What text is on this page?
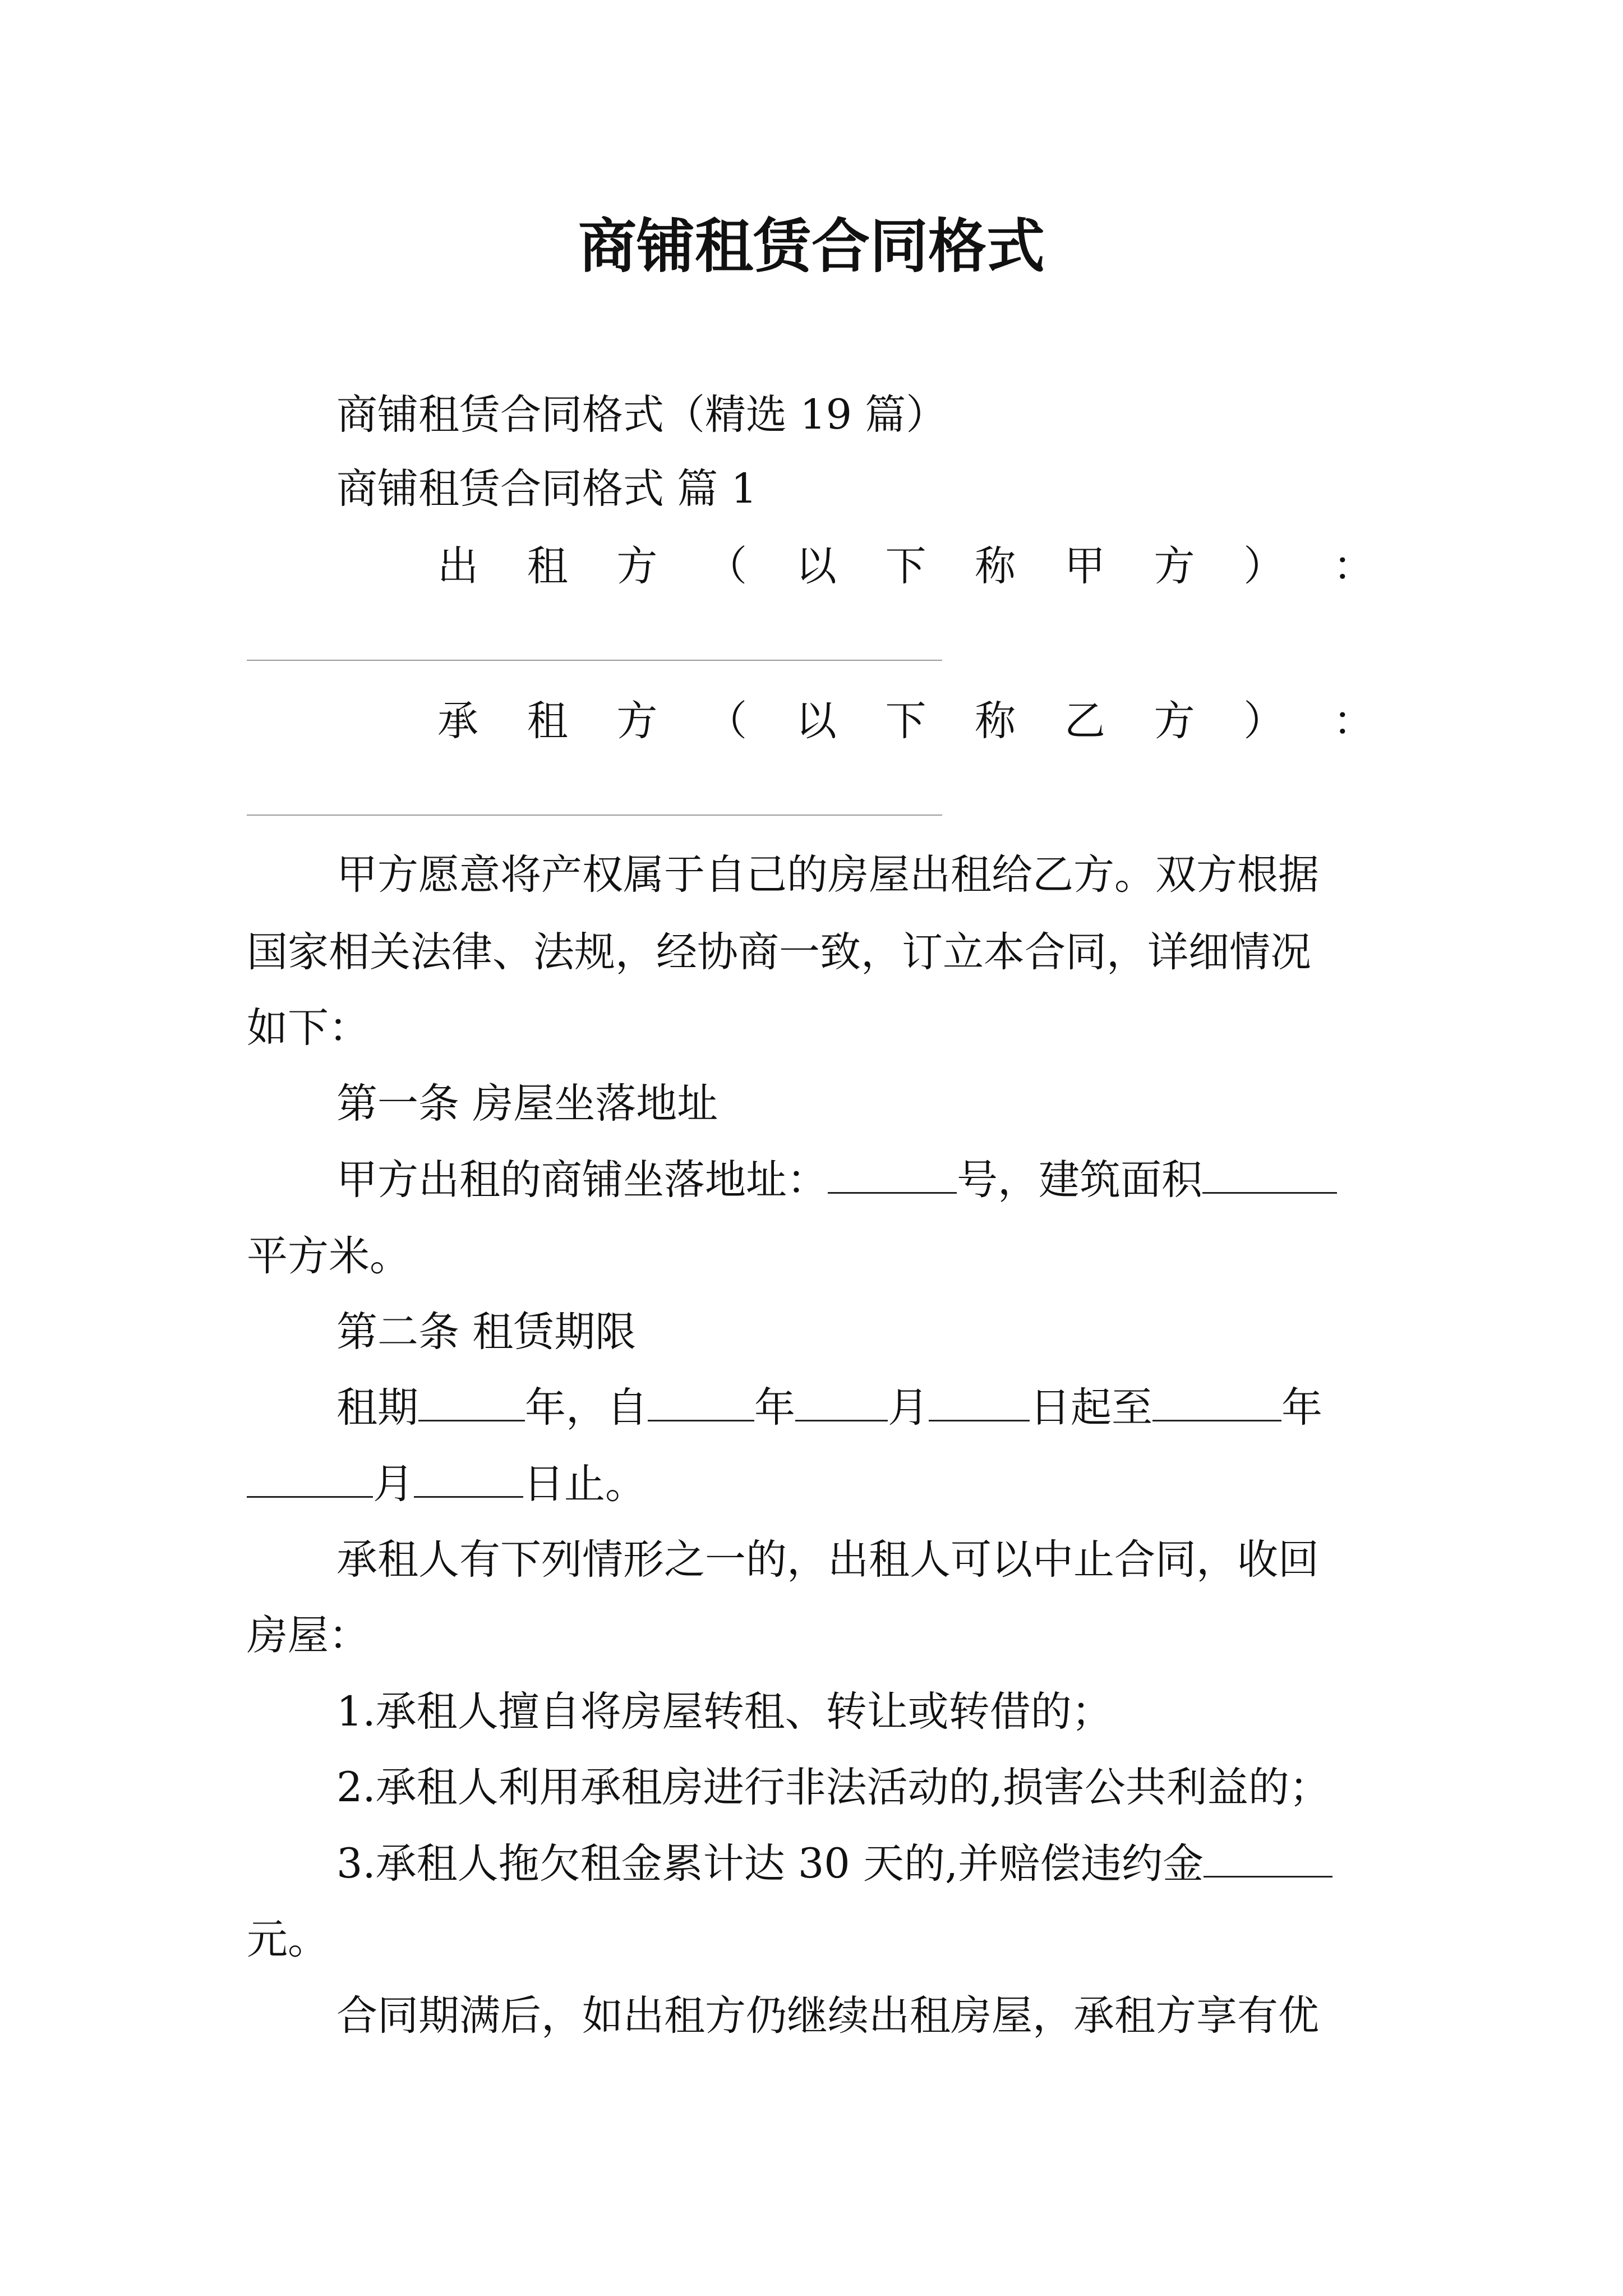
商铺租赁合同格式
商铺租赁合同格式（精选 19 篇）
商铺租赁合同格式 篇 1
出 租 方 （ 以 下 称 甲 方 ） ：
承 租 方 （ 以 下 称 乙 方 ） ：
甲方愿意将产权属于自己的房屋出租给乙方。双方根据
国家相关法律、法规，经协商一致，订立本合同，详细情况
如下：
第一条 房屋坐落地址
甲方出租的商铺坐落地址：	号，建筑面积
平方米。
第二条 租赁期限
租期	年，自	年 月 日起至	年
月	日止。
承租人有下列情形之一的，出租人可以中止合同，收回
房屋：
1.承租人擅自将房屋转租、转让或转借的；
2.承租人利用承租房进行非法活动的,损害公共利益的；
3.承租人拖欠租金累计达 30 天的,并赔偿违约金
元。
合同期满后，如出租方仍继续出租房屋，承租方享有优
